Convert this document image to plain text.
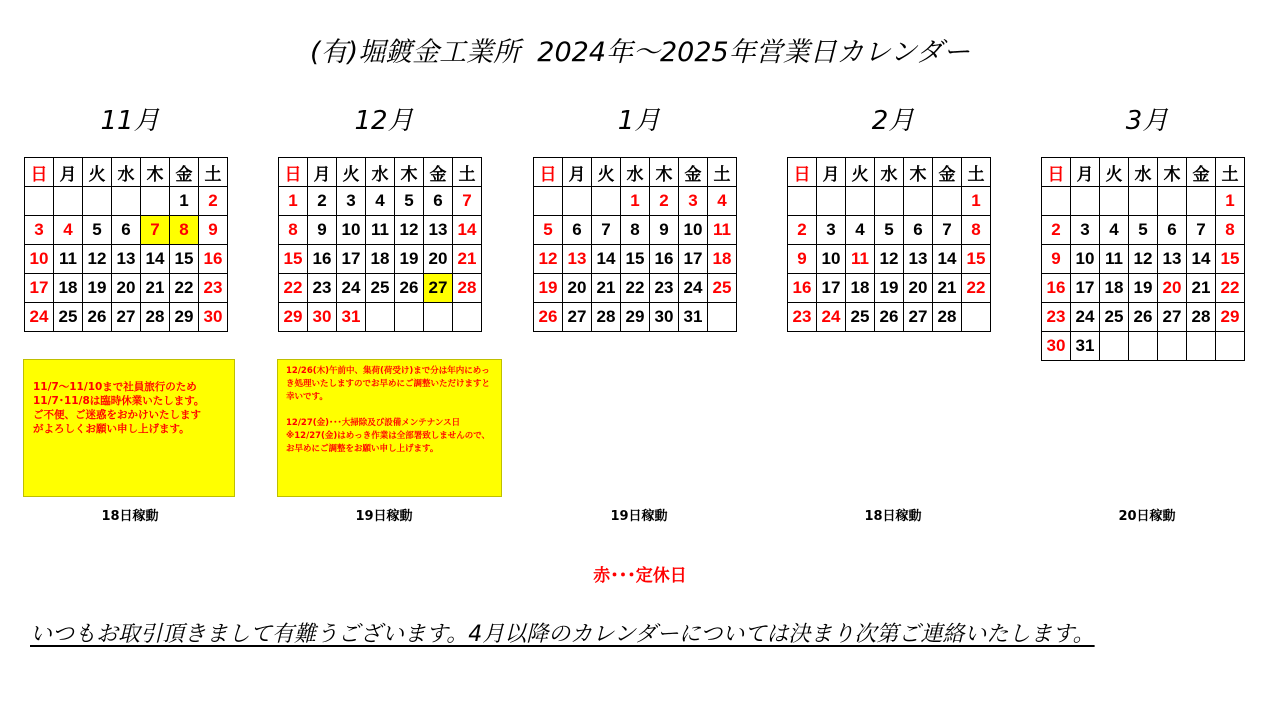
(有)堀鍍金工業所  2024年～2025年営業日カレンダー
11月	12月	1月	2月	3月
日	月	火	水	木	金	土
					1	2
3	4	5	6	7	8	9
10	11	12	13	14	15	16
17	18	19	20	21	22	23
24	25	26	27	28	29	30
日	月	火	水	木	金	土
1	2	3	4	5	6	7
8	9	10	11	12	13	14
15	16	17	18	19	20	21
22	23	24	25	26	27	28
29	30	31				
日	月	火	水	木	金	土
			1	2	3	4
5	6	7	8	9	10	11
12	13	14	15	16	17	18
19	20	21	22	23	24	25
26	27	28	29	30	31	
日	月	火	水	木	金	土
						1
2	3	4	5	6	7	8
9	10	11	12	13	14	15
16	17	18	19	20	21	22
23	24	25	26	27	28	
日	月	火	水	木	金	土
						1
2	3	4	5	6	7	8
9	10	11	12	13	14	15
16	17	18	19	20	21	22
23	24	25	26	27	28	29
30	31					

11/7～11/10まで社員旅行のため

11/7･11/8は臨時休業いたします。

ご不便、ご迷惑をおかけいたします

がよろしくお願い申し上げます。

12/26(木)午前中、集荷(荷受け)まで分は年内にめっき処理いたしますのでお早めにご調整いただけますと幸いです。

12/27(金)･･･大掃除及び設備メンテナンス日

※12/27(金)はめっき作業は全部署致しませんので、お早めにご調整をお願い申し上げます。

18日稼動	19日稼動	19日稼動	18日稼動	20日稼動
赤･･･定休日
いつもお取引頂きまして有難うございます。4月以降のカレンダーについては決まり次第ご連絡いたします。
